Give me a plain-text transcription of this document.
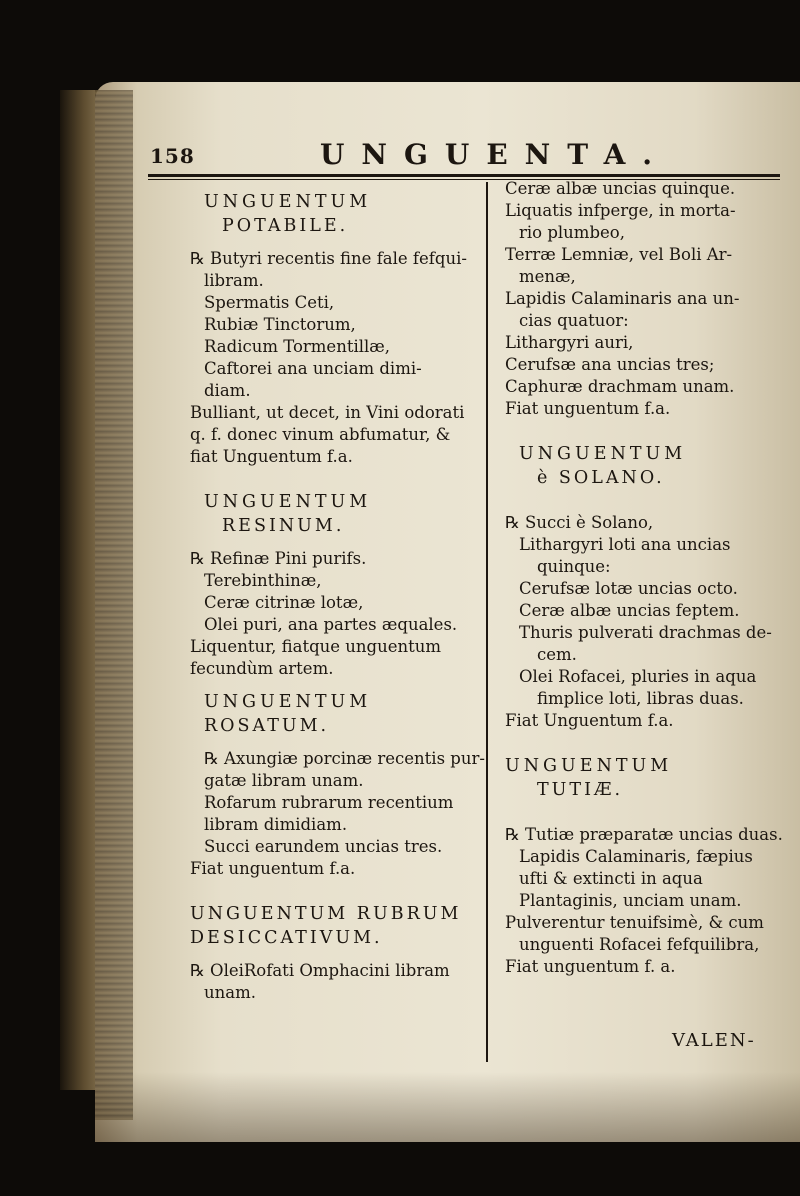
158	UNGUENTA.
UNGUENTUM
POTABILE.
℞ Butyri recentis fine fale fefqui-
libram.
Spermatis Ceti,
Rubiæ Tinctorum,
Radicum Tormentillæ,
Caftorei ana unciam dimi-
diam.
Bulliant, ut decet, in Vini odorati
q. f. donec vinum abfumatur, &
fiat Unguentum f.a.
UNGUENTUM
RESINUM.
℞ Refinæ Pini purifs.
Terebinthinæ,
Ceræ citrinæ lotæ,
Olei puri, ana partes æquales.
Liquentur, fiatque unguentum
fecundùm artem.
UNGUENTUM
ROSATUM.
℞ Axungiæ porcinæ recentis pur-
gatæ libram unam.
Rofarum rubrarum recentium
libram dimidiam.
Succi earundem uncias tres.
Fiat unguentum f.a.
UNGUENTUM RUBRUM
DESICCATIVUM.
℞ OleiRofati Omphacini libram
unam.
Ceræ albæ uncias quinque.
Liquatis infperge, in morta-
rio plumbeo,
Terræ Lemniæ, vel Boli Ar-
menæ,
Lapidis Calaminaris ana un-
cias quatuor:
Lithargyri auri,
Cerufsæ ana uncias tres;
Caphuræ drachmam unam.
Fiat unguentum f.a.
UNGUENTUM
è SOLANO.
℞ Succi è Solano,
Lithargyri loti ana uncias
quinque:
Cerufsæ lotæ uncias octo.
Ceræ albæ uncias feptem.
Thuris pulverati drachmas de-
cem.
Olei Rofacei, pluries in aqua
fimplice loti, libras duas.
Fiat Unguentum f.a.
UNGUENTUM
TUTIÆ.
℞ Tutiæ præparatæ uncias duas.
Lapidis Calaminaris, fæpius
ufti & extincti in aqua
Plantaginis, unciam unam.
Pulverentur tenuifsimè, & cum
unguenti Rofacei fefquilibra,
Fiat unguentum f. a.
VALEN-
